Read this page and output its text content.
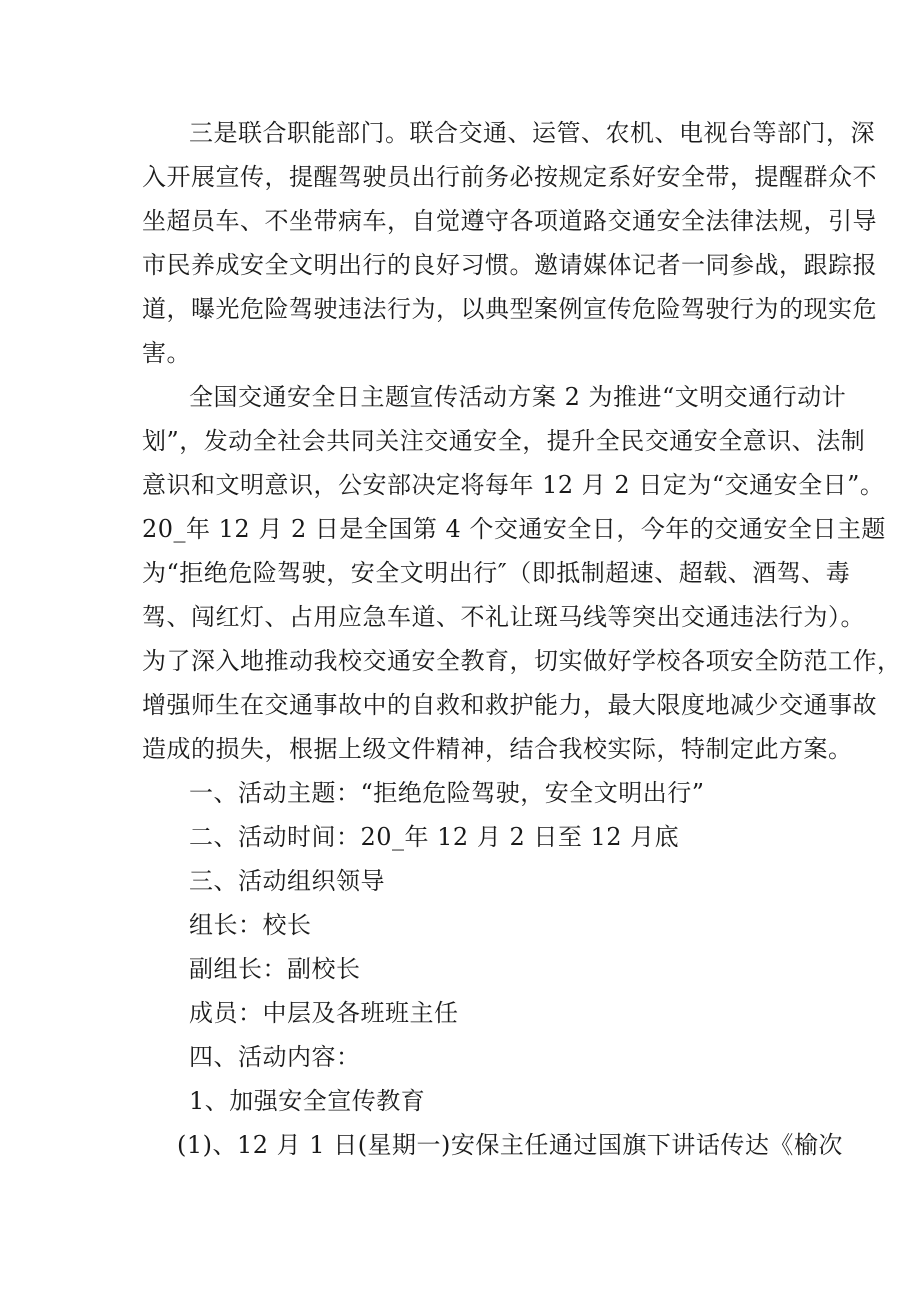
三是联合职能部门。联合交通、运管、农机、电视台等部门，深
入开展宣传，提醒驾驶员出行前务必按规定系好安全带，提醒群众不
坐超员车、不坐带病车，自觉遵守各项道路交通安全法律法规，引导
市民养成安全文明出行的良好习惯。邀请媒体记者一同参战，跟踪报
道，曝光危险驾驶违法行为，以典型案例宣传危险驾驶行为的现实危
害。
全国交通安全日主题宣传活动方案 2 为推进“文明交通行动计
划”，发动全社会共同关注交通安全，提升全民交通安全意识、法制
意识和文明意识，公安部决定将每年 12 月 2 日定为“交通安全日”。
20_年 12 月 2 日是全国第 4 个交通安全日，今年的交通安全日主题
为“拒绝危险驾驶，安全文明出行″（即抵制超速、超载、酒驾、毒
驾、闯红灯、占用应急车道、不礼让斑马线等突出交通违法行为）。
为了深入地推动我校交通安全教育，切实做好学校各项安全防范工作，
增强师生在交通事故中的自救和救护能力，最大限度地减少交通事故
造成的损失，根据上级文件精神，结合我校实际，特制定此方案。
一、活动主题：“拒绝危险驾驶，安全文明出行”
二、活动时间：20_年 12 月 2 日至 12 月底
三、活动组织领导
组长：校长
副组长：副校长
成员：中层及各班班主任
四、活动内容：
1、加强安全宣传教育
(1)、12 月 1 日(星期一)安保主任通过国旗下讲话传达《榆次
